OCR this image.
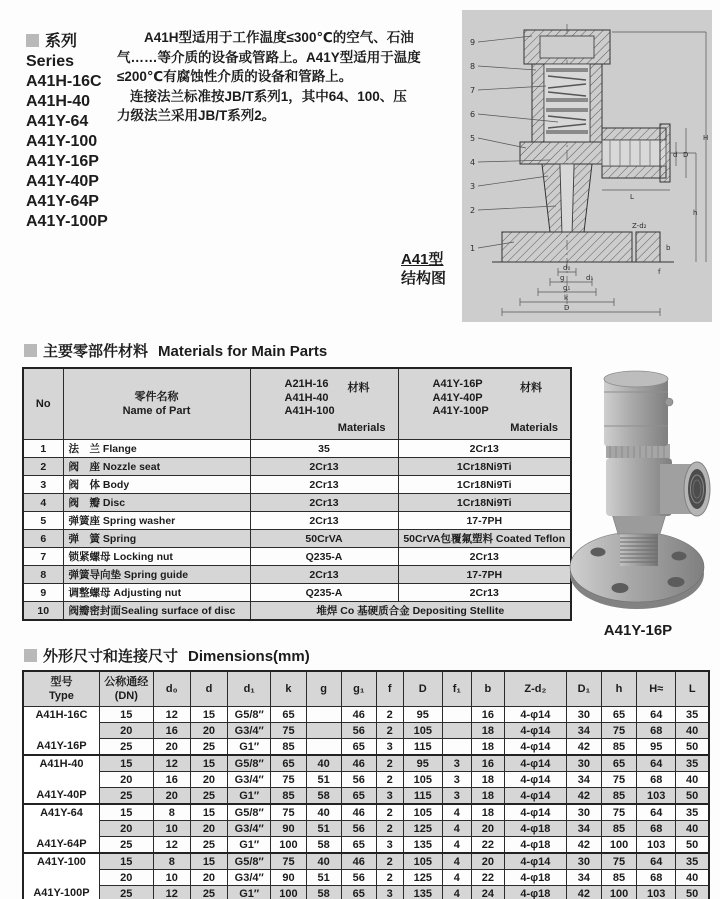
系列
Series
A41H-16C
A41H-40
A41Y-64
A41Y-100
A41Y-16P
A41Y-40P
A41Y-64P
A41Y-100P
A41H型适用于工作温度≤300℃的空气、石油
气……等介质的设备或管路上。A41Y型适用于温度
≤200℃有腐蚀性介质的设备和管路上。
连接法兰标准按JB/T系列1，其中64、100、压
力级法兰采用JB/T系列2。
9
8
7
6
5
4
3
2
1
d D
h
H
L
Z-d₂
b
f
d₀
g	d₁
g₁
k
D
A41型
结构图
主要零部件材料 Materials for Main Parts
No	
零件名称
Name of Part

A21H-16
A41H-40
A41H-100
材料
Materials

A41Y-16P
A41Y-40P
A41Y-100P
材料
Materials

1	法　兰 Flange	35	2Cr13
2	阀　座 Nozzle seat	2Cr13	1Cr18Ni9Ti
3	阀　体 Body	2Cr13	1Cr18Ni9Ti
4	阀　瓣 Disc	2Cr13	1Cr18Ni9Ti
5	弹簧座 Spring washer	2Cr13	17-7PH
6	弹　簧 Spring	50CrVA	50CrVA包覆氟塑料 Coated Teflon
7	锁紧螺母 Locking nut	Q235-A	2Cr13
8	弹簧导向垫 Spring guide	2Cr13	17-7PH
9	调整螺母 Adjusting nut	Q235-A	2Cr13
10	阀瓣密封面Sealing surface of disc	堆焊 Co 基硬质合金 Depositing Stellite	
A41Y-16P
外形尺寸和连接尺寸 Dimensions(mm)
型号
Type

公称通经
(DN)
	d₀	d	d₁	k	g	g₁	f	D	f₁	b	Z-d₂	D₁	h	H≈	L

A41H-16C
A41Y-16P	15	12	15	G5/8″	65		46	2	95		16	4-φ14	30	65	64	35
	20	16	20	G3/4″	75		56	2	105		18	4-φ14	34	75	68	40
	25	20	25	G1″	85		65	3	115		18	4-φ14	42	85	95	50

A41H-40
A41Y-40P	15	12	15	G5/8″	65	40	46	2	95	3	16	4-φ14	30	65	64	35
	20	16	20	G3/4″	75	51	56	2	105	3	18	4-φ14	34	75	68	40
	25	20	25	G1″	85	58	65	3	115	3	18	4-φ14	42	85	103	50

A41Y-64
A41Y-64P	15	8	15	G5/8″	75	40	46	2	105	4	18	4-φ14	30	75	64	35
	20	10	20	G3/4″	90	51	56	2	125	4	20	4-φ18	34	85	68	40
	25	12	25	G1″	100	58	65	3	135	4	22	4-φ18	42	100	103	50

A41Y-100
A41Y-100P	15	8	15	G5/8″	75	40	46	2	105	4	20	4-φ14	30	75	64	35
	20	10	20	G3/4″	90	51	56	2	125	4	22	4-φ18	34	85	68	40
	25	12	25	G1″	100	58	65	3	135	4	24	4-φ18	42	100	103	50
